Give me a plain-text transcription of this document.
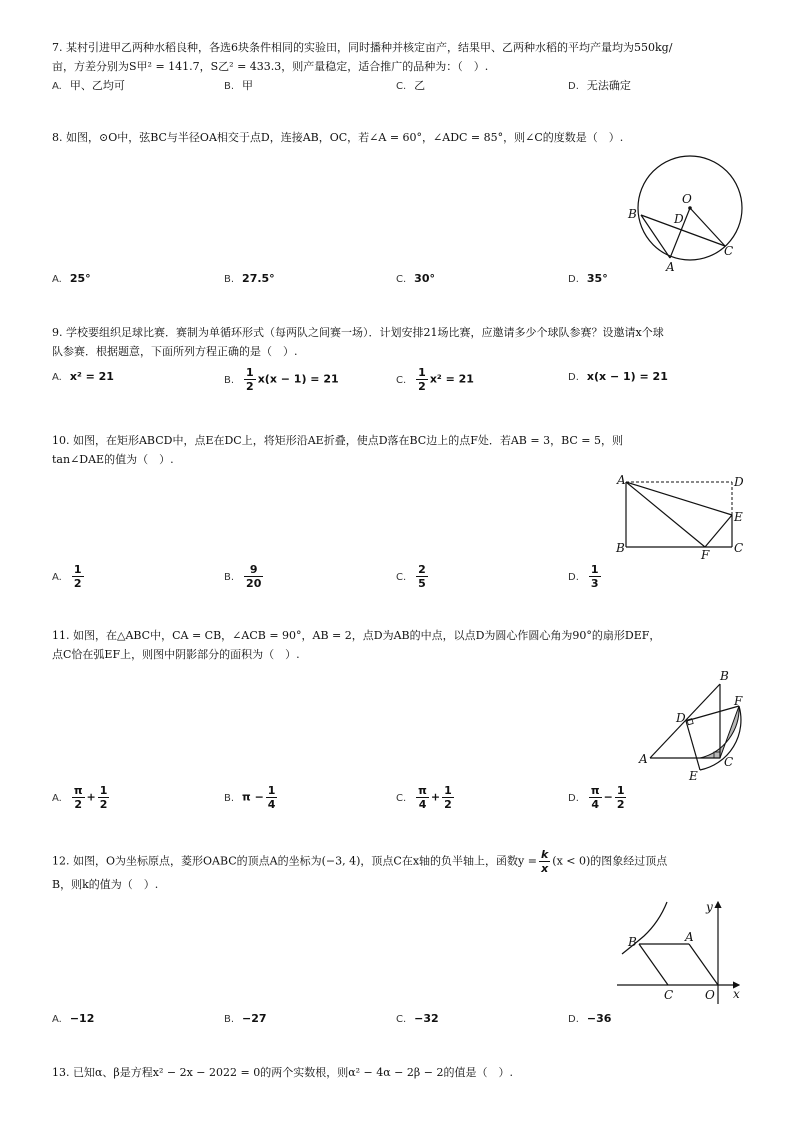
7. 某村引进甲乙两种水稻良种，各选6块条件相同的实验田，同时播种并核定亩产，结果甲、乙两种水稻的平均产量均为550kg/
亩，方差分别为S甲² = 141.7，S乙² = 433.3，则产量稳定，适合推广的品种为：（　）.
A. 甲、乙均可	B. 甲	C. 乙	D. 无法确定
8. 如图，⊙O中，弦BC与半径OA相交于点D，连接AB，OC，若∠A = 60°，∠ADC = 85°，则∠C的度数是（　）.
O
B	D
C
A
A. 25°	B. 27.5°	C. 30°	D. 35°
9. 学校要组织足球比赛．赛制为单循环形式（每两队之间赛一场）．计划安排21场比赛，应邀请多少个球队参赛？设邀请x个球
队参赛．根据题意，下面所列方程正确的是（　）.
A. x² = 21	B. $\frac{1}{2} x(x - 1) = 21$	C. $\frac{1}{2} x^2 = 21$	D. x(x − 1) = 21
10. 如图，在矩形ABCD中，点E在DC上，将矩形沿AE折叠，使点D落在BC边上的点F处．若AB = 3，BC = 5，则
tan∠DAE的值为（　）.
A	D
E
B	F C
A. $\frac{1}{2}$	B. $\frac{9}{20}$	C. $\frac{2}{5}$	D. $\frac{1}{3}$
11. 如图，在△ABC中，CA = CB，∠ACB = 90°，AB = 2，点D为AB的中点，以点D为圆心作圆心角为90°的扇形DEF，
点C恰在弧EF上，则图中阴影部分的面积为（　）.
B
F
D
A	C
E
A. $\frac{\pi}{2} + \frac{1}{2}$	B. $\pi - \frac{1}{4}$	C. $\frac{\pi}{4} + \frac{1}{2}$	D. $\frac{\pi}{4} - \frac{1}{2}$
12. 如图，O为坐标原点，菱形OABC的顶点A的坐标为(−3, 4)，顶点C在x轴的负半轴上，函数$y = \frac{k}{x} (x < 0)$的图象经过顶点
B，则k的值为（　）.
y
x
B	A
C	O
A. −12	B. −27	C. −32	D. −36
13. 已知α、β是方程x² − 2x − 2022 = 0的两个实数根，则α² − 4α − 2β − 2的值是（　）.
